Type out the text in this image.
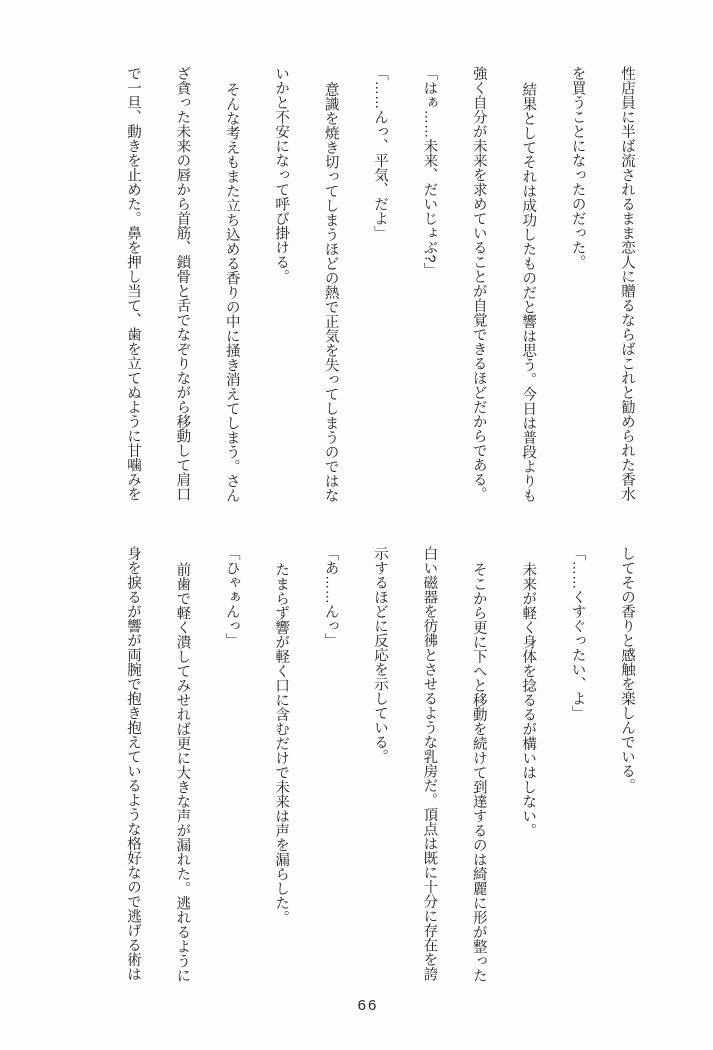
性店員に半ば流されるまま恋人に贈るならばこれと勧められた香水

を買うことになったのだった。

結果としてそれは成功したものだと響は思う。今日は普段よりも

強く自分が未来を求めていることが自覚できるほどだからである。

「はぁ……未来、だいじょぶ?」

「……んっ、平気、だよ」

意識を焼き切ってしまうほどの熱で正気を失ってしまうのではな

いかと不安になって呼び掛ける。

そんな考えもまた立ち込める香りの中に掻き消えてしまう。さん

ざ貪った未来の唇から首筋、鎖骨と舌でなぞりながら移動して肩口

で一旦、動きを止めた。鼻を押し当て、歯を立てぬように甘噛みを

してその香りと感触を楽しんでいる。

「……くすぐったい、よ」

未来が軽く身体を捻るるが構いはしない。

そこから更に下へと移動を続けて到達するのは綺麗に形が整った

白い磁器を彷彿とさせるような乳房だ。頂点は既に十分に存在を誇

示するほどに反応を示している。

「あ……んっ」

たまらず響が軽く口に含むだけで未来は声を漏らした。

「ひゃぁんっ」

前歯で軽く潰してみせれば更に大きな声が漏れた。逃れるように

身を捩るが響が両腕で抱き抱えているような格好なので逃げる術は

66
